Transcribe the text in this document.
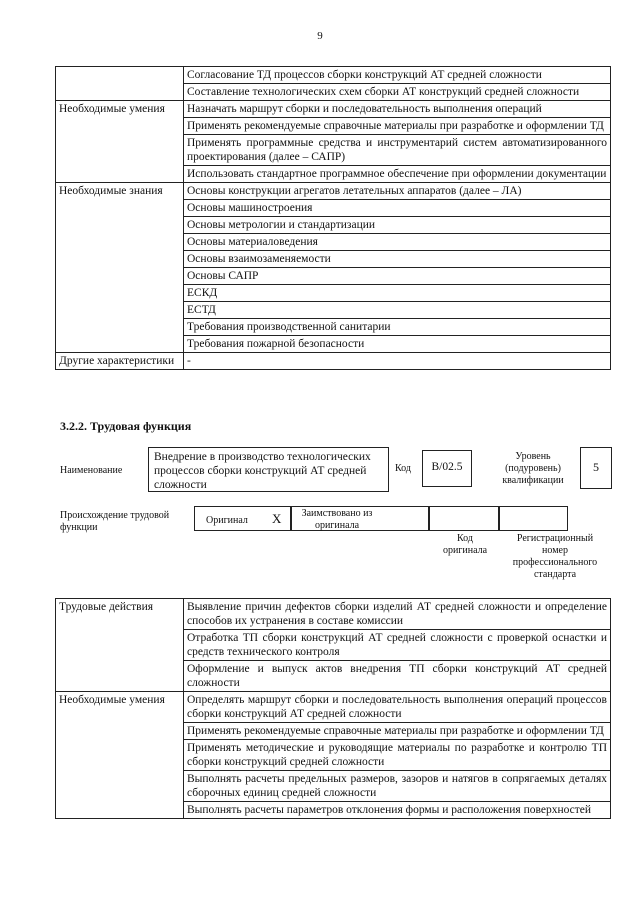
9
	Согласование ТД процессов сборки конструкций АТ средней сложности
	Составление технологических схем сборки АТ конструкций средней сложности
Необходимые умения	Назначать маршрут сборки и последовательность выполнения операций
	Применять рекомендуемые справочные материалы при разработке и оформлении ТД
	Применять программные средства и инструментарий систем автоматизированного проектирования (далее – САПР)
	Использовать стандартное программное обеспечение при оформлении документации
Необходимые знания	Основы конструкции агрегатов летательных аппаратов (далее – ЛА)
	Основы машиностроения
	Основы метрологии и стандартизации
	Основы материаловедения
	Основы взаимозаменяемости
	Основы САПР
	ЕСКД
	ЕСТД
	Требования производственной санитарии
	Требования пожарной безопасности
Другие характеристики	-
3.2.2. Трудовая функция
Наименование
Внедрение в производство технологических процессов сборки конструкций АТ средней сложности
Код	В/02.5
Уровень (подуровень) квалификации
5
Происхождение трудовой функции
Оригинал X	Заимствовано из оригинала
Код оригинала
Регистрационный номер профессионального стандарта
Трудовые действия	Выявление причин дефектов сборки изделий АТ средней сложности и определение способов их устранения в составе комиссии
	Отработка ТП сборки конструкций АТ средней сложности с проверкой оснастки и средств технического контроля
	Оформление и выпуск актов внедрения ТП сборки конструкций АТ средней сложности
Необходимые умения	Определять маршрут сборки и последовательность выполнения операций процессов сборки конструкций АТ средней сложности
	Применять рекомендуемые справочные материалы при разработке и оформлении ТД
	Применять методические и руководящие материалы по разработке и контролю ТП сборки конструкций средней сложности
	Выполнять расчеты предельных размеров, зазоров и натягов в сопрягаемых деталях сборочных единиц средней сложности
	Выполнять расчеты параметров отклонения формы и расположения поверхностей
